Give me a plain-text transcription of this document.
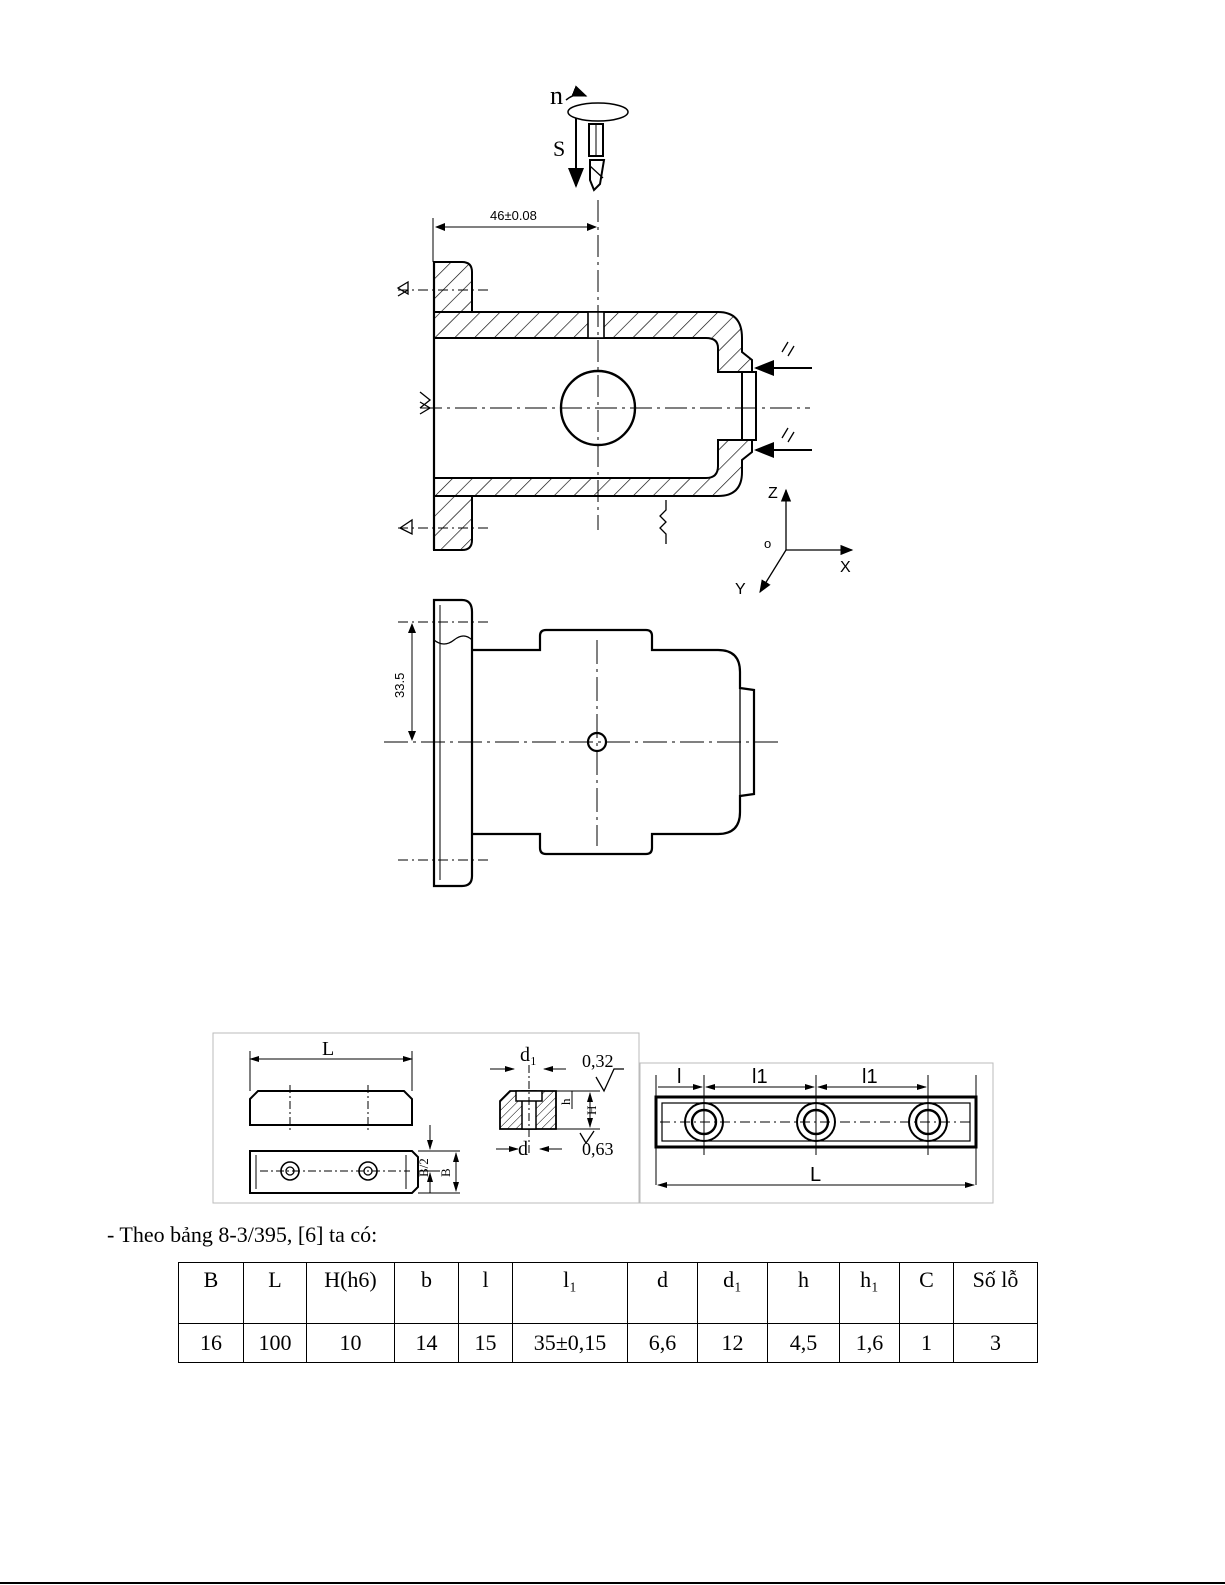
n
S
46±0.08
Z
X
Y
o
33.5
L
B/2 B
d₁
d
h
H
0,32
0,63
l	l1	l1
L

- Theo bảng 8-3/395, [6] ta có:

B	L	H(h6)	b	l	l₁	d	d₁	h	h₁	C	Số lỗ
16	100	10	14	15	35±0,15	6,6	12	4,5	1,6	1	3
